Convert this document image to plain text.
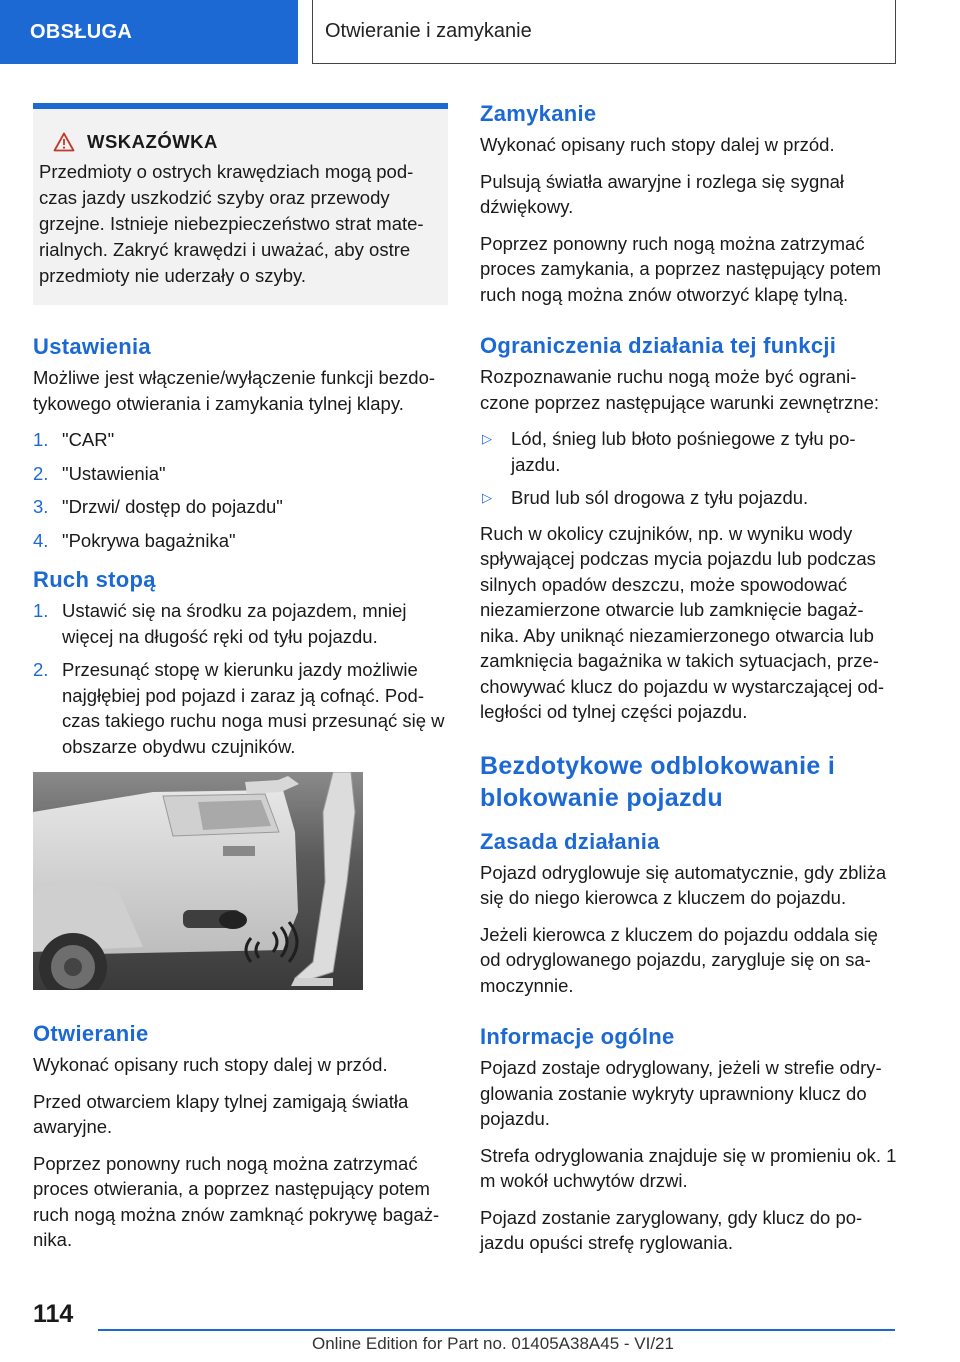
OBSŁUGA	Otwieranie i zamykanie
WSKAZÓWKA

Przedmioty o ostrych krawędziach mogą pod- czas jazdy uszkodzić szyby oraz przewody grzejne. Istnieje niebezpieczeństwo strat mate- rialnych. Zakryć krawędzi i uważać, aby ostre przedmioty nie uderzały o szyby.

Ustawienia

Możliwe jest włączenie/wyłączenie funkcji bezdo- tykowego otwierania i zamykania tylnej klapy.

1. "CAR"
2. "Ustawienia"
3. "Drzwi/ dostęp do pojazdu"
4. "Pokrywa bagażnika"
Ruch stopą
1. Ustawić się na środku za pojazdem, mniej więcej na długość ręki od tyłu pojazdu.
2. Przesunąć stopę w kierunku jazdy możliwie najgłębiej pod pojazd i zaraz ją cofnąć. Pod- czas takiego ruchu noga musi przesunąć się w obszarze obydwu czujników.
Otwieranie

Wykonać opisany ruch stopy dalej w przód.

Przed otwarciem klapy tylnej zamigają światła awaryjne.

Poprzez ponowny ruch nogą można zatrzymać proces otwierania, a poprzez następujący potem ruch nogą można znów zamknąć pokrywę bagaż- nika.

Zamykanie

Wykonać opisany ruch stopy dalej w przód.

Pulsują światła awaryjne i rozlega się sygnał dźwiękowy.

Poprzez ponowny ruch nogą można zatrzymać proces zamykania, a poprzez następujący potem ruch nogą można znów otworzyć klapę tylną.

Ograniczenia działania tej funkcji

Rozpoznawanie ruchu nogą może być ograni- czone poprzez następujące warunki zewnętrzne:

▷	Lód, śnieg lub błoto pośniegowe z tyłu po- jazdu.
▷	Brud lub sól drogowa z tyłu pojazdu.

Ruch w okolicy czujników, np. w wyniku wody spływającej podczas mycia pojazdu lub podczas silnych opadów deszczu, może spowodować niezamierzone otwarcie lub zamknięcie bagaż- nika. Aby uniknąć niezamierzonego otwarcia lub zamknięcia bagażnika w takich sytuacjach, prze- chowywać klucz do pojazdu w wystarczającej od- ległości od tylnej części pojazdu.

Bezdotykowe odblokowanie i blokowanie pojazdu
Zasada działania

Pojazd odryglowuje się automatycznie, gdy zbliża się do niego kierowca z kluczem do pojazdu.

Jeżeli kierowca z kluczem do pojazdu oddala się od odryglowanego pojazdu, zarygluje się on sa- moczynnie.

Informacje ogólne

Pojazd zostaje odryglowany, jeżeli w strefie odry- glowania zostanie wykryty uprawniony klucz do pojazdu.

Strefa odryglowania znajduje się w promieniu ok. 1 m wokół uchwytów drzwi.

Pojazd zostanie zaryglowany, gdy klucz do po- jazdu opuści strefę ryglowania.

114
Online Edition for Part no. 01405A38A45 - VI/21
